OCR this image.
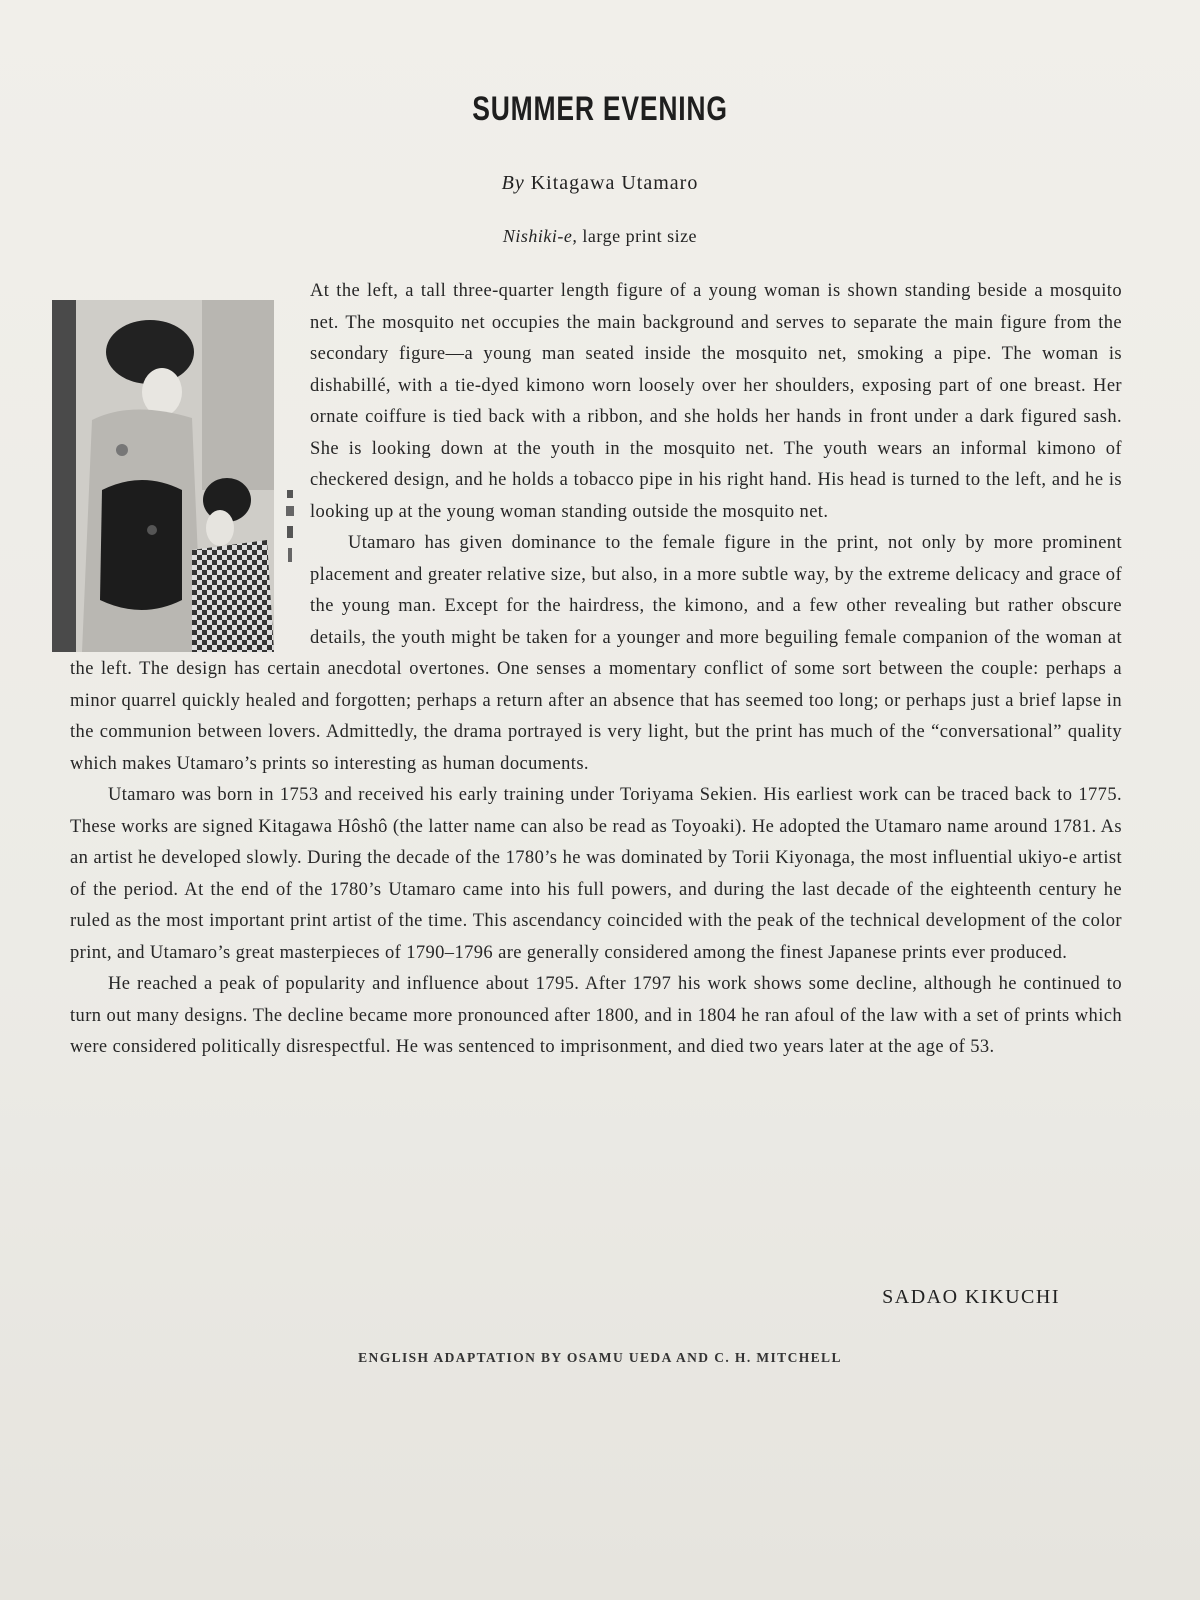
SUMMER EVENING
By Kitagawa Utamaro
Nishiki-e, large print size

At the left, a tall three-quarter length figure of a young woman is shown standing beside a mosquito net. The mosquito net occupies the main background and serves to separate the main figure from the secondary figure—a young man seated inside the mosquito net, smoking a pipe. The woman is dishabillé, with a tie-dyed kimono worn loosely over her shoulders, exposing part of one breast. Her ornate coiffure is tied back with a ribbon, and she holds her hands in front under a dark figured sash. She is looking down at the youth in the mosquito net. The youth wears an informal kimono of checkered design, and he holds a tobacco pipe in his right hand. His head is turned to the left, and he is looking up at the young woman standing outside the mosquito net.

Utamaro has given dominance to the female figure in the print, not only by more prominent placement and greater relative size, but also, in a more subtle way, by the extreme delicacy and grace of the young man. Except for the hairdress, the kimono, and a few other revealing but rather obscure details, the youth might be taken for a younger and more beguiling female companion of the woman at the left. The design has certain anecdotal overtones. One senses a momentary conflict of some sort between the couple: perhaps a minor quarrel quickly healed and forgotten; perhaps a return after an absence that has seemed too long; or perhaps just a brief lapse in the communion between lovers. Admittedly, the drama portrayed is very light, but the print has much of the “conversational” quality which makes Utamaro’s prints so interesting as human documents.

Utamaro was born in 1753 and received his early training under Toriyama Sekien. His earliest work can be traced back to 1775. These works are signed Kitagawa Hôshô (the latter name can also be read as Toyoaki). He adopted the Utamaro name around 1781. As an artist he developed slowly. During the decade of the 1780’s he was dominated by Torii Kiyonaga, the most influential ukiyo-e artist of the period. At the end of the 1780’s Utamaro came into his full powers, and during the last decade of the eighteenth century he ruled as the most important print artist of the time. This ascendancy coincided with the peak of the technical development of the color print, and Utamaro’s great masterpieces of 1790–1796 are generally considered among the finest Japanese prints ever produced.

He reached a peak of popularity and influence about 1795. After 1797 his work shows some decline, although he continued to turn out many designs. The decline became more pronounced after 1800, and in 1804 he ran afoul of the law with a set of prints which were considered politically disrespectful. He was sentenced to imprisonment, and died two years later at the age of 53.

SADAO KIKUCHI
ENGLISH ADAPTATION BY OSAMU UEDA AND C. H. MITCHELL
